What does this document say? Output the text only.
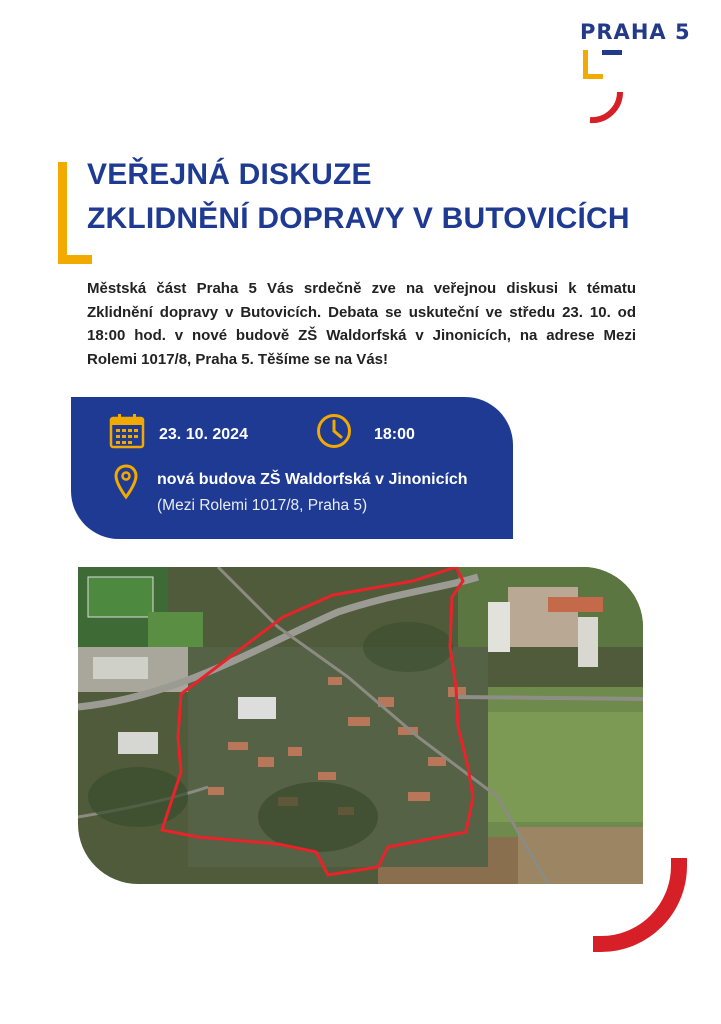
PRAHA 5
VEŘEJNÁ DISKUZE
ZKLIDNĚNÍ DOPRAVY V BUTOVICÍCH

Městská část Praha 5 Vás srdečně zve na veřejnou diskusi k tématu Zklidnění dopravy v Butovicích. Debata se uskuteční ve středu 23. 10. od 18:00 hod. v nové budově ZŠ Waldorfská v Jinonicích, na adrese Mezi Rolemi 1017/8, Praha 5. Těšíme se na Vás!

23. 10. 2024	18:00
nová budova ZŠ Waldorfská v Jinonicích
(Mezi Rolemi 1017/8, Praha 5)
